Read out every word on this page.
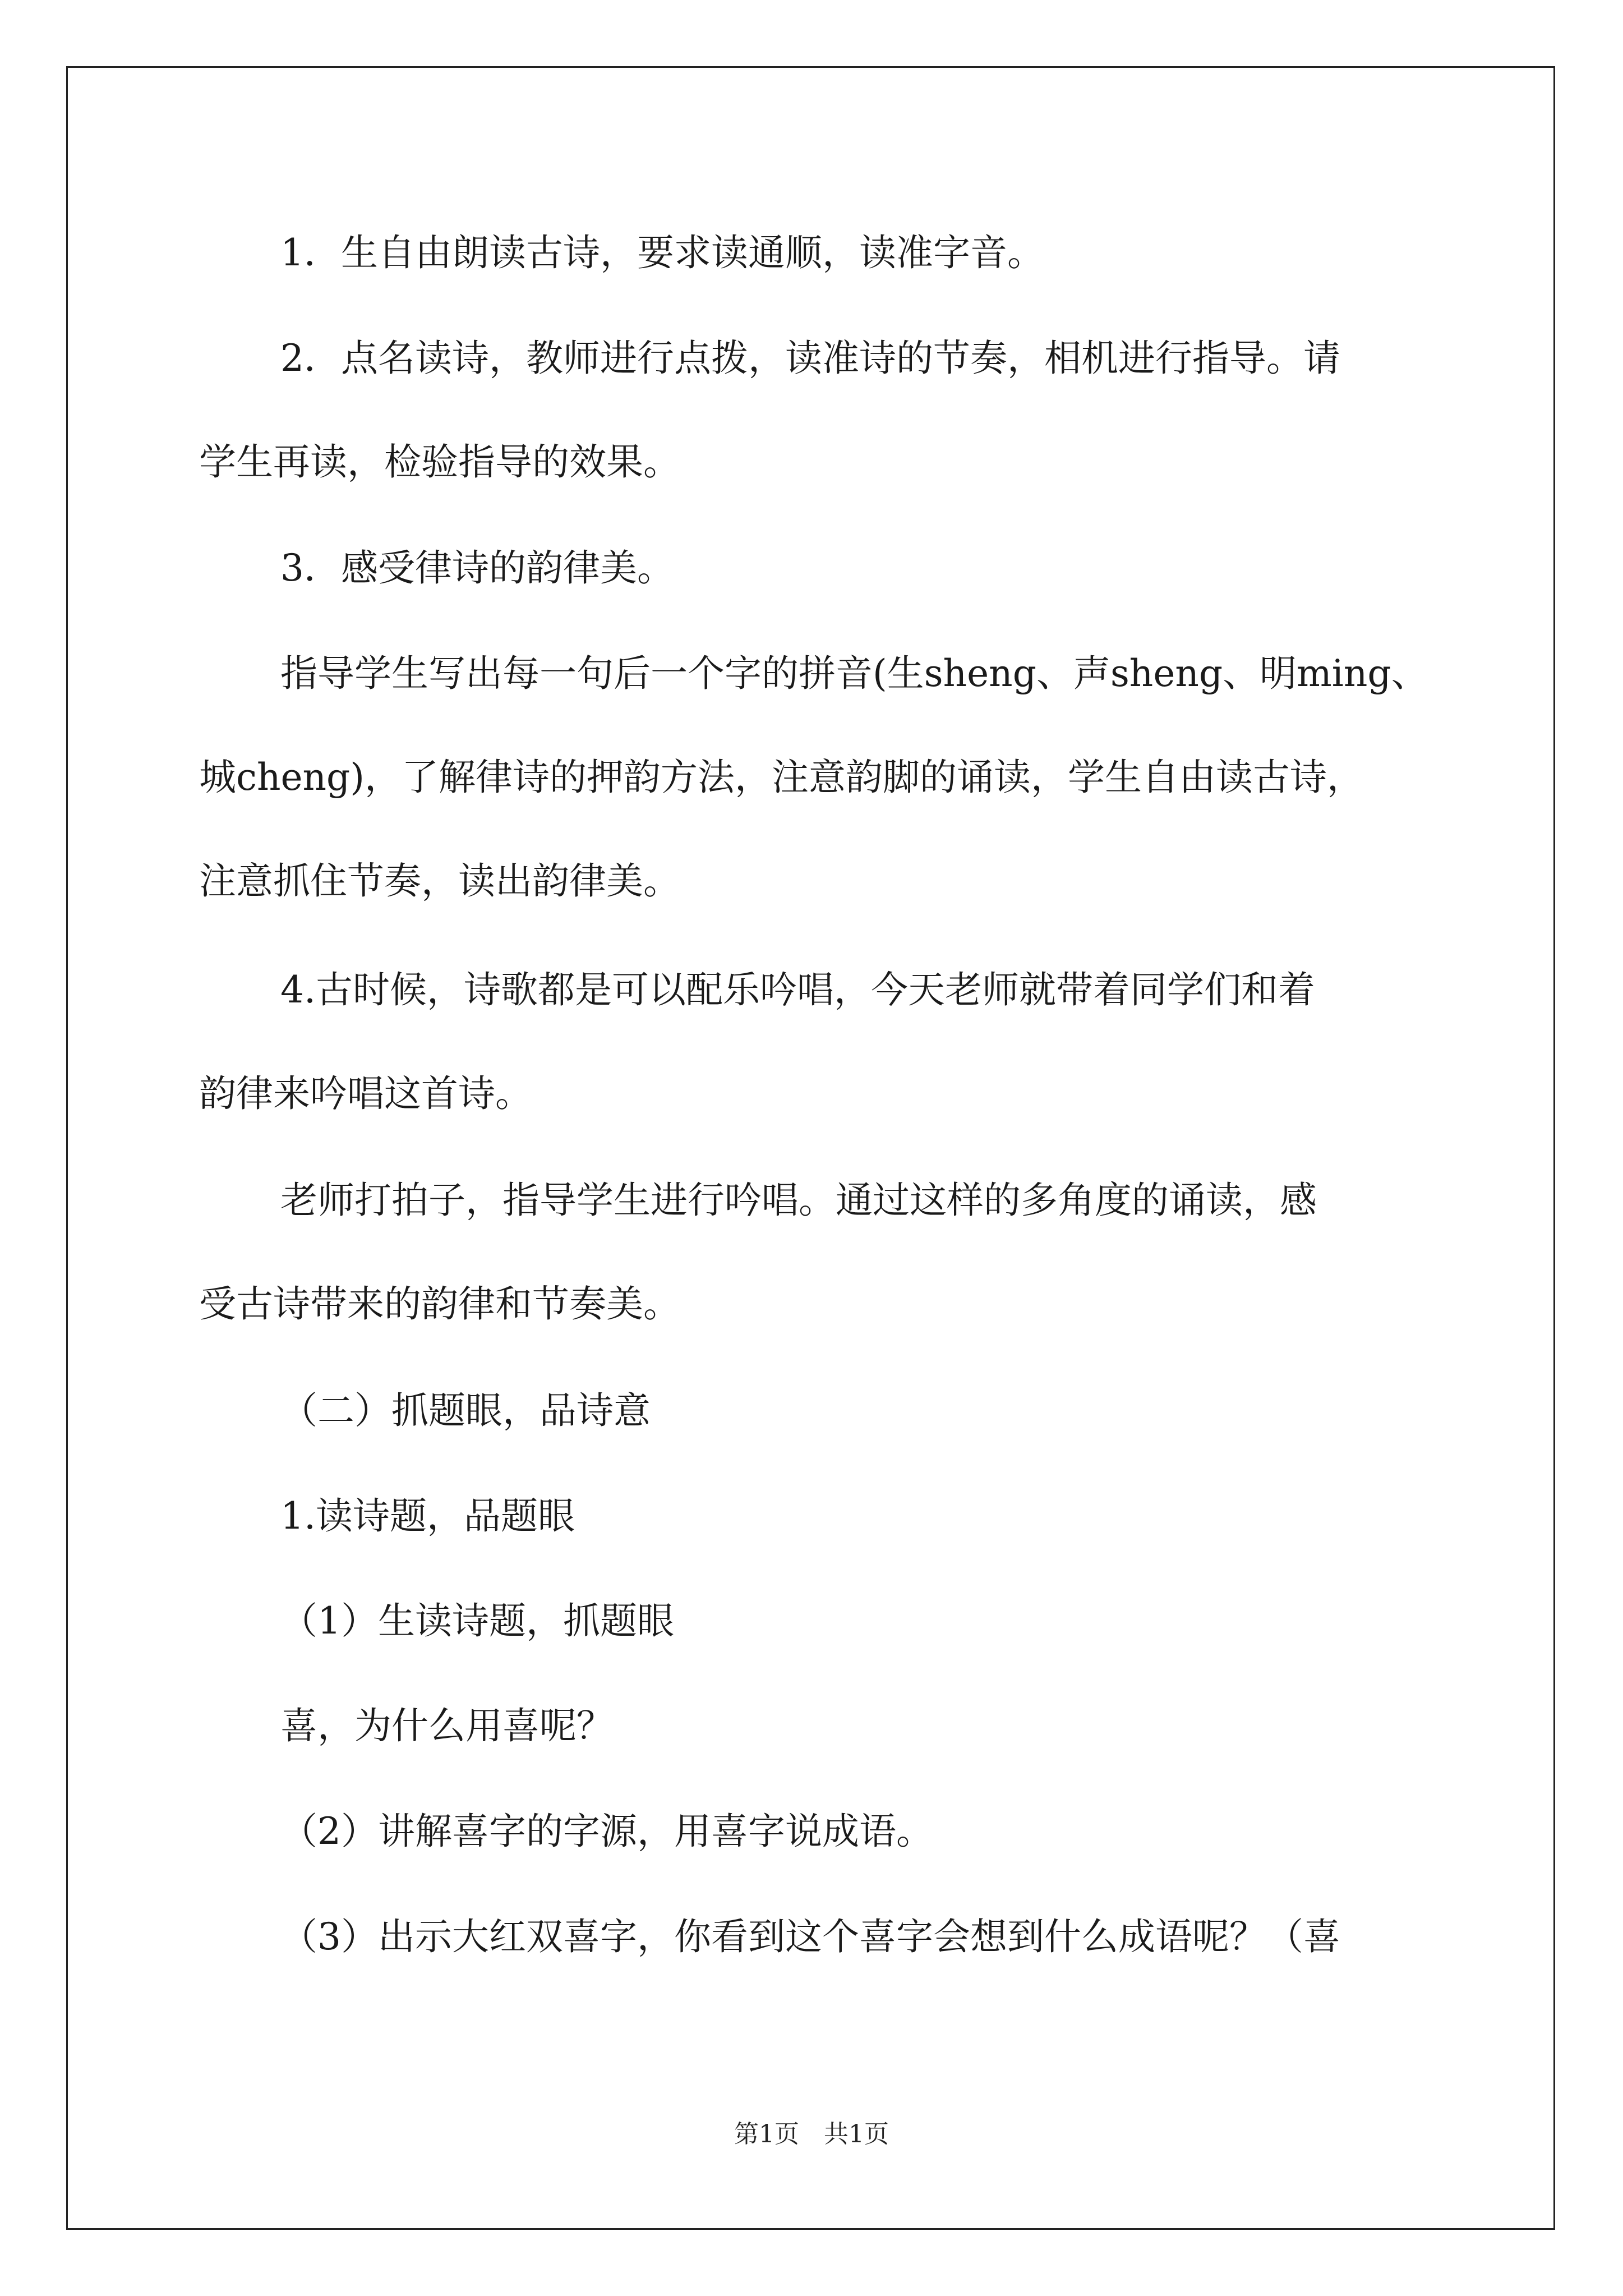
1．生自由朗读古诗，要求读通顺，读准字音。

2．点名读诗，教师进行点拨，读准诗的节奏，相机进行指导。请
学生再读，检验指导的效果。

3．感受律诗的韵律美。

指导学生写出每一句后一个字的拼音(生sheng、声sheng、明ming、
城cheng)，了解律诗的押韵方法，注意韵脚的诵读，学生自由读古诗，
注意抓住节奏，读出韵律美。

4.古时候，诗歌都是可以配乐吟唱，今天老师就带着同学们和着
韵律来吟唱这首诗。

老师打拍子，指导学生进行吟唱。通过这样的多角度的诵读，感
受古诗带来的韵律和节奏美。

（二）抓题眼，品诗意

1.读诗题，品题眼

（1）生读诗题，抓题眼

喜，为什么用喜呢？

（2）讲解喜字的字源，用喜字说成语。

（3）出示大红双喜字，你看到这个喜字会想到什么成语呢？（喜

第1页　共1页
